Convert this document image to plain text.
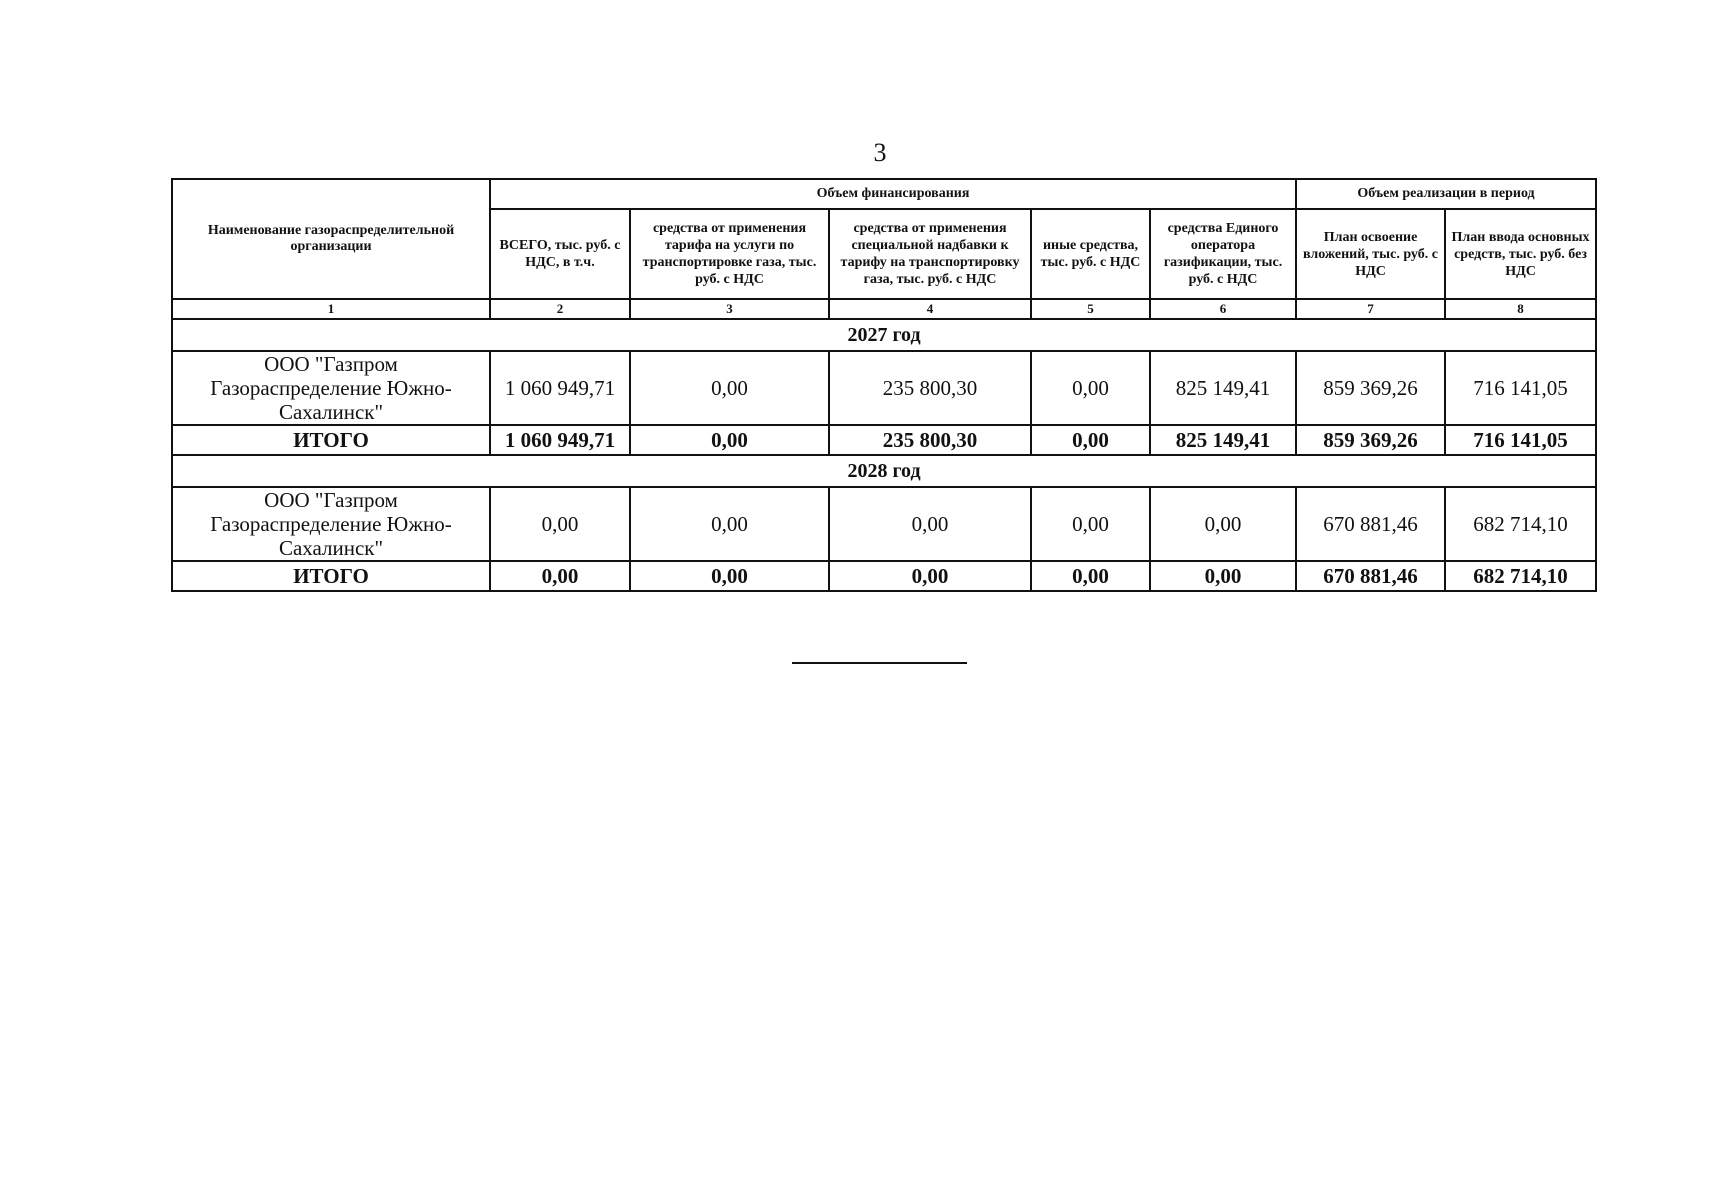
3
Наименование газораспределительной организации	Объем финансирования					Объем реализации в период	
	ВСЕГО, тыс. руб. с НДС, в т.ч.	средства от применения тарифа на услуги по транспортировке газа, тыс. руб. с НДС	средства от применения специальной надбавки к тарифу на транспортировку газа, тыс. руб. с НДС	иные средства, тыс. руб. с НДС	средства Единого оператора газификации, тыс. руб. с НДС	План освоение вложений, тыс. руб. с НДС	План ввода основных средств, тыс. руб. без НДС
1	2	3	4	5	6	7	8
2027 год							
ООО "Газпром Газораспределение Южно-Сахалинск"	1 060 949,71	0,00	235 800,30	0,00	825 149,41	859 369,26	716 141,05
ИТОГО	1 060 949,71	0,00	235 800,30	0,00	825 149,41	859 369,26	716 141,05
2028 год							
ООО "Газпром Газораспределение Южно-Сахалинск"	0,00	0,00	0,00	0,00	0,00	670 881,46	682 714,10
ИТОГО	0,00	0,00	0,00	0,00	0,00	670 881,46	682 714,10
